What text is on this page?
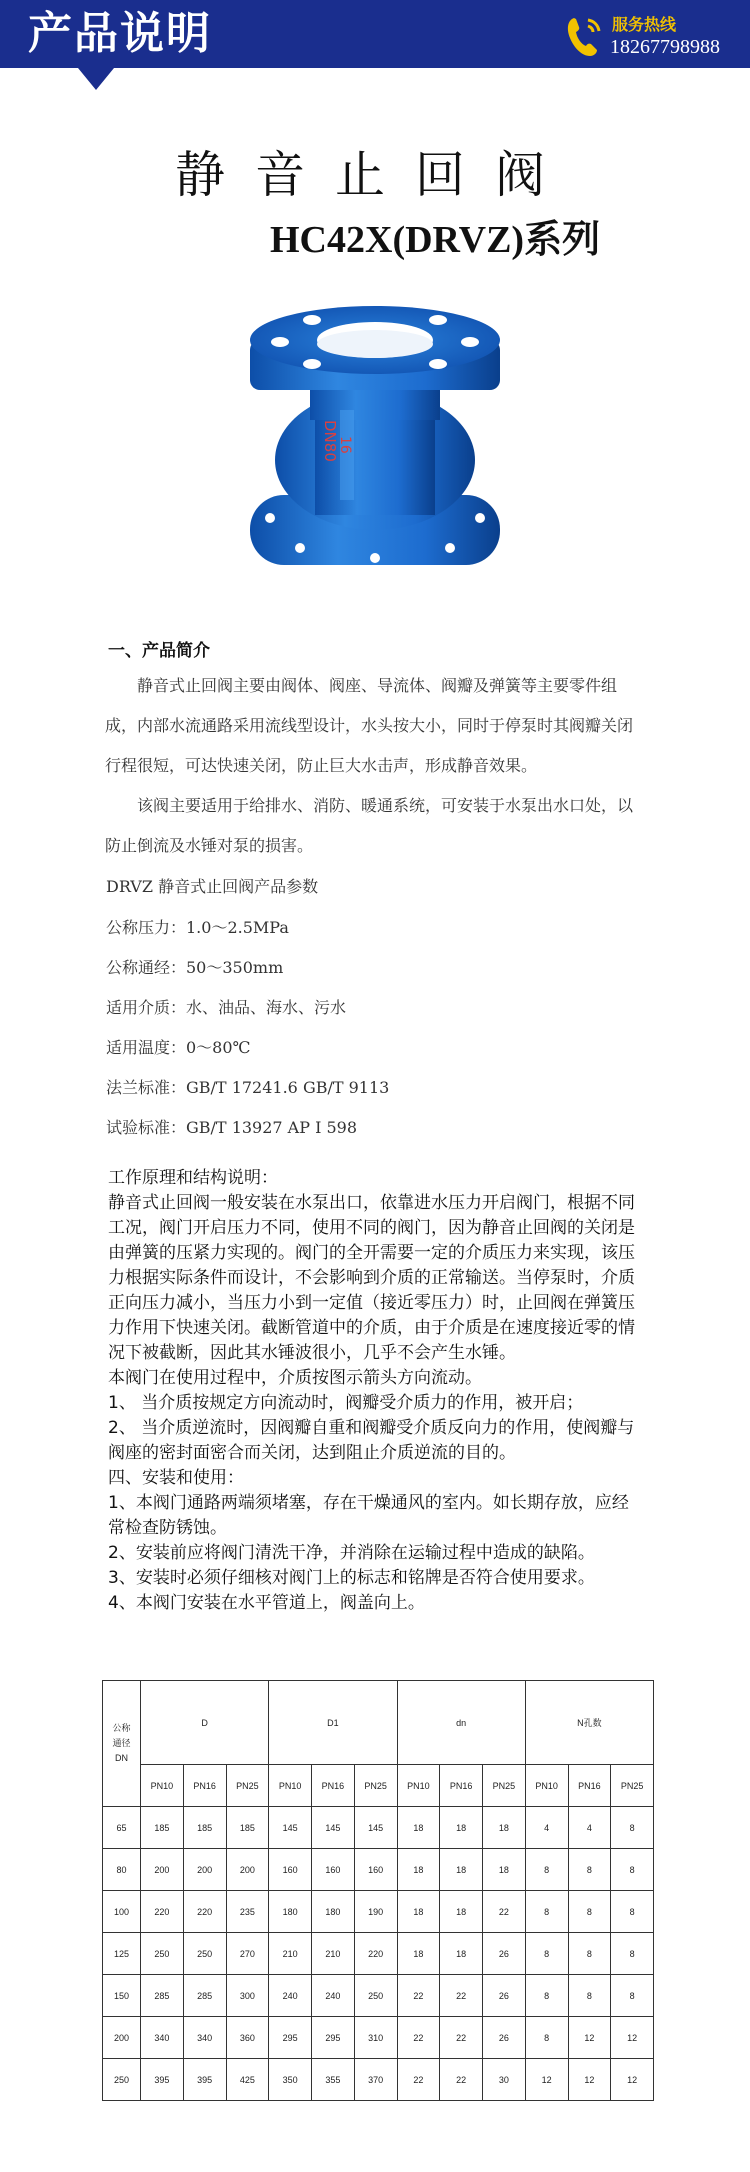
产品说明	服务热线
18267798988
静音止回阀
HC42X(DRVZ)系列
DN80
16
一、产品简介
静音式止回阀主要由阀体、阀座、导流体、阀瓣及弹簧等主要零件组成，内部水流通路采用流线型设计，水头按大小，同时于停泵时其阀瓣关闭行程很短，可达快速关闭，防止巨大水击声，形成静音效果。
该阀主要适用于给排水、消防、暖通系统，可安装于水泵出水口处，以防止倒流及水锤对泵的损害。
DRVZ 静音式止回阀产品参数
公称压力：1.0～2.5MPa
公称通经：50～350mm
适用介质：水、油品、海水、污水
适用温度：0～80℃
法兰标准：GB/T 17241.6 GB/T 9113
试验标准：GB/T 13927 AP I 598
工作原理和结构说明：
静音式止回阀一般安装在水泵出口，依靠进水压力开启阀门，根据不同工况，阀门开启压力不同，使用不同的阀门，因为静音止回阀的关闭是由弹簧的压紧力实现的。阀门的全开需要一定的介质压力来实现，该压力根据实际条件而设计，不会影响到介质的正常输送。当停泵时，介质正向压力减小，当压力小到一定值（接近零压力）时，止回阀在弹簧压力作用下快速关闭。截断管道中的介质，由于介质是在速度接近零的情况下被截断，因此其水锤波很小，几乎不会产生水锤。
本阀门在使用过程中，介质按图示箭头方向流动。
1、 当介质按规定方向流动时，阀瓣受介质力的作用，被开启；
2、 当介质逆流时，因阀瓣自重和阀瓣受介质反向力的作用，使阀瓣与阀座的密封面密合而关闭，达到阻止介质逆流的目的。
四、安装和使用：
1、本阀门通路两端须堵塞，存在干燥通风的室内。如长期存放，应经常检查防锈蚀。
2、安装前应将阀门清洗干净，并消除在运输过程中造成的缺陷。
3、安装时必须仔细核对阀门上的标志和铭牌是否符合使用要求。
4、本阀门安装在水平管道上，阀盖向上。
公称
通径
DN	D			D1			dn			N孔数		
	PN10	PN16	PN25	PN10	PN16	PN25	PN10	PN16	PN25	PN10	PN16	PN25
65	185	185	185	145	145	145	18	18	18	4	4	8
80	200	200	200	160	160	160	18	18	18	8	8	8
100	220	220	235	180	180	190	18	18	22	8	8	8
125	250	250	270	210	210	220	18	18	26	8	8	8
150	285	285	300	240	240	250	22	22	26	8	8	8
200	340	340	360	295	295	310	22	22	26	8	12	12
250	395	395	425	350	355	370	22	22	30	12	12	12
